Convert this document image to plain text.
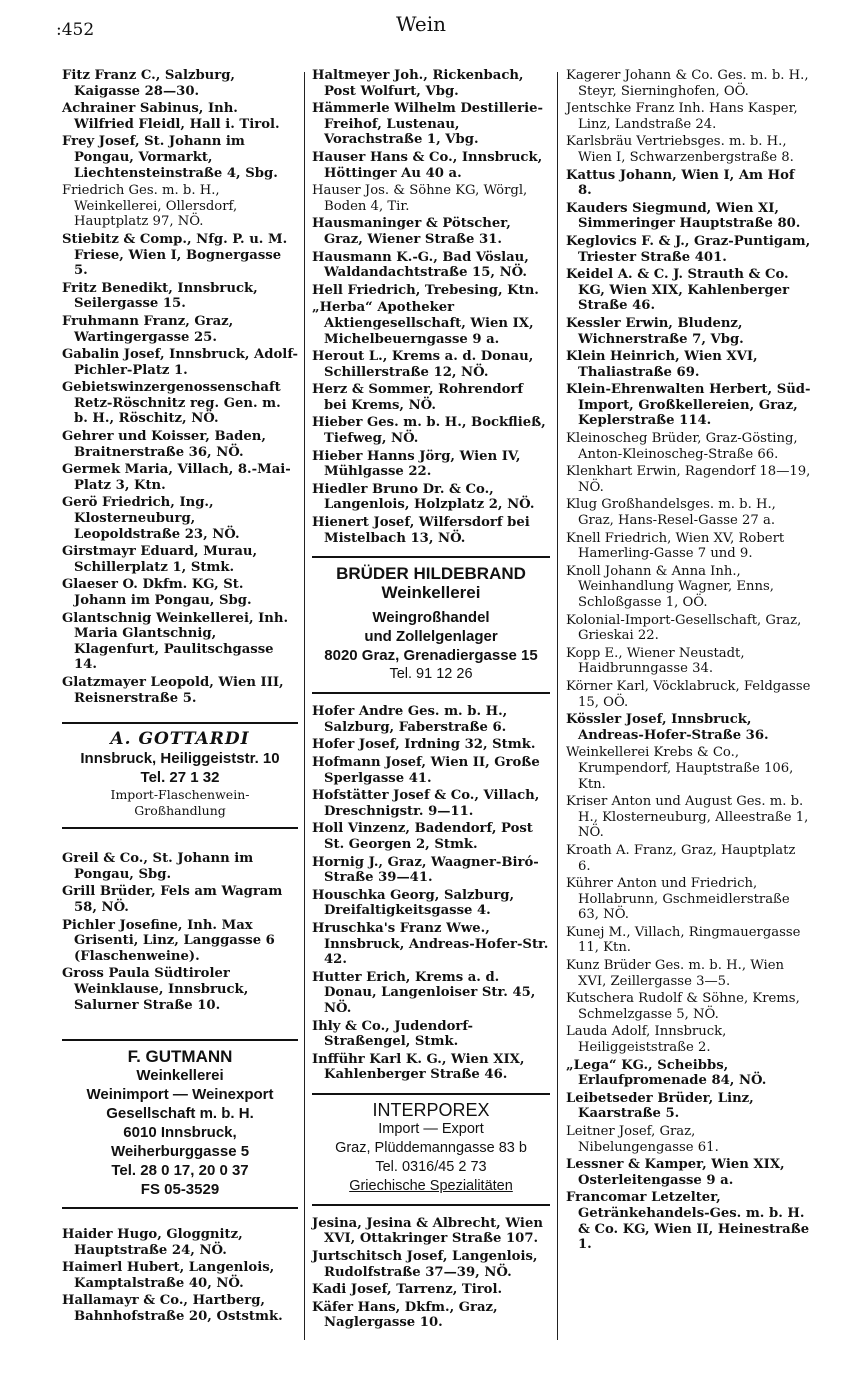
:452	Wein
Fitz Franz C., Salzburg, Kaigasse 28—30.
Achrainer Sabinus, Inh. Wilfried Fleidl, Hall i. Tirol.
Frey Josef, St. Johann im Pongau, Vormarkt, Liechtensteinstraße 4, Sbg.
Friedrich Ges. m. b. H., Weinkellerei, Ollersdorf, Hauptplatz 97, NÖ.
Stiebitz & Comp., Nfg. P. u. M. Friese, Wien I, Bognergasse 5.
Fritz Benedikt, Innsbruck, Seilergasse 15.
Fruhmann Franz, Graz, Wartingergasse 25.
Gabalin Josef, Innsbruck, Adolf-Pichler-Platz 1.
Gebietswinzergenossenschaft Retz-Röschnitz reg. Gen. m. b. H., Röschitz, NÖ.
Gehrer und Koisser, Baden, Braitnerstraße 36, NÖ.
Germek Maria, Villach, 8.-Mai-Platz 3, Ktn.
Gerö Friedrich, Ing., Klosterneuburg, Leopoldstraße 23, NÖ.
Girstmayr Eduard, Murau, Schillerplatz 1, Stmk.
Glaeser O. Dkfm. KG, St. Johann im Pongau, Sbg.
Glantschnig Weinkellerei, Inh. Maria Glantschnig, Klagenfurt, Paulitschgasse 14.
Glatzmayer Leopold, Wien III, Reisnerstraße 5.
A. GOTTARDI
Innsbruck, Heiliggeiststr. 10
Tel. 27 1 32
Import-Flaschenwein-
Großhandlung
Greil & Co., St. Johann im Pongau, Sbg.
Grill Brüder, Fels am Wagram 58, NÖ.
Pichler Josefine, Inh. Max Grisenti, Linz, Langgasse 6 (Flaschenweine).
Gross Paula Südtiroler Weinklause, Innsbruck, Salurner Straße 10.
F. GUTMANN
Weinkellerei
Weinimport — Weinexport
Gesellschaft m. b. H.
6010 Innsbruck,
Weiherburggasse 5
Tel. 28 0 17, 20 0 37
FS 05-3529
Haider Hugo, Gloggnitz, Hauptstraße 24, NÖ.
Haimerl Hubert, Langenlois, Kamptalstraße 40, NÖ.
Hallamayr & Co., Hartberg, Bahnhofstraße 20, Oststmk.
Haltmeyer Joh., Rickenbach, Post Wolfurt, Vbg.
Hämmerle Wilhelm Destillerie-Freihof, Lustenau, Vorachstraße 1, Vbg.
Hauser Hans & Co., Innsbruck, Höttinger Au 40 a.
Hauser Jos. & Söhne KG, Wörgl, Boden 4, Tir.
Hausmaninger & Pötscher, Graz, Wiener Straße 31.
Hausmann K.-G., Bad Vöslau, Waldandachtstraße 15, NÖ.
Hell Friedrich, Trebesing, Ktn.
„Herba“ Apotheker Aktiengesellschaft, Wien IX, Michelbeuerngasse 9 a.
Herout L., Krems a. d. Donau, Schillerstraße 12, NÖ.
Herz & Sommer, Rohrendorf bei Krems, NÖ.
Hieber Ges. m. b. H., Bockfließ, Tiefweg, NÖ.
Hieber Hanns Jörg, Wien IV, Mühlgasse 22.
Hiedler Bruno Dr. & Co., Langenlois, Holzplatz 2, NÖ.
Hienert Josef, Wilfersdorf bei Mistelbach 13, NÖ.
BRÜDER HILDEBRAND
Weinkellerei
Weingroßhandel
und Zollelgenlager
8020 Graz, Grenadiergasse 15
Tel. 91 12 26
Hofer Andre Ges. m. b. H., Salzburg, Faberstraße 6.
Hofer Josef, Irdning 32, Stmk.
Hofmann Josef, Wien II, Große Sperlgasse 41.
Hofstätter Josef & Co., Villach, Dreschnigstr. 9—11.
Holl Vinzenz, Badendorf, Post St. Georgen 2, Stmk.
Hornig J., Graz, Waagner-Biró-Straße 39—41.
Houschka Georg, Salzburg, Dreifaltigkeitsgasse 4.
Hruschka's Franz Wwe., Innsbruck, Andreas-Hofer-Str. 42.
Hutter Erich, Krems a. d. Donau, Langenloiser Str. 45, NÖ.
Ihly & Co., Judendorf-Straßengel, Stmk.
Infführ Karl K. G., Wien XIX, Kahlenberger Straße 46.
INTERPOREX
Import — Export
Graz, Plüddemanngasse 83 b
Tel. 0316/45 2 73
Griechische Spezialitäten
Jesina, Jesina & Albrecht, Wien XVI, Ottakringer Straße 107.
Jurtschitsch Josef, Langenlois, Rudolfstraße 37—39, NÖ.
Kadi Josef, Tarrenz, Tirol.
Käfer Hans, Dkfm., Graz, Naglergasse 10.
Kagerer Johann & Co. Ges. m. b. H., Steyr, Sierninghofen, OÖ.
Jentschke Franz Inh. Hans Kasper, Linz, Landstraße 24.
Karlsbräu Vertriebsges. m. b. H., Wien I, Schwarzenbergstraße 8.
Kattus Johann, Wien I, Am Hof 8.
Kauders Siegmund, Wien XI, Simmeringer Hauptstraße 80.
Keglovics F. & J., Graz-Puntigam, Triester Straße 401.
Keidel A. & C. J. Strauth & Co. KG, Wien XIX, Kahlenberger Straße 46.
Kessler Erwin, Bludenz, Wichnerstraße 7, Vbg.
Klein Heinrich, Wien XVI, Thaliastraße 69.
Klein-Ehrenwalten Herbert, Süd-Import, Großkellereien, Graz, Keplerstraße 114.
Kleinoscheg Brüder, Graz-Gösting, Anton-Kleinoscheg-Straße 66.
Klenkhart Erwin, Ragendorf 18—19, NÖ.
Klug Großhandelsges. m. b. H., Graz, Hans-Resel-Gasse 27 a.
Knell Friedrich, Wien XV, Robert Hamerling-Gasse 7 und 9.
Knoll Johann & Anna Inh., Weinhandlung Wagner, Enns, Schloßgasse 1, OÖ.
Kolonial-Import-Gesellschaft, Graz, Grieskai 22.
Kopp E., Wiener Neustadt, Haidbrunngasse 34.
Körner Karl, Vöcklabruck, Feldgasse 15, OÖ.
Kössler Josef, Innsbruck, Andreas-Hofer-Straße 36.
Weinkellerei Krebs & Co., Krumpendorf, Hauptstraße 106, Ktn.
Kriser Anton und August Ges. m. b. H., Klosterneuburg, Alleestraße 1, NÖ.
Kroath A. Franz, Graz, Hauptplatz 6.
Kührer Anton und Friedrich, Hollabrunn, Gschmeidlerstraße 63, NÖ.
Kunej M., Villach, Ringmauergasse 11, Ktn.
Kunz Brüder Ges. m. b. H., Wien XVI, Zeillergasse 3—5.
Kutschera Rudolf & Söhne, Krems, Schmelzgasse 5, NÖ.
Lauda Adolf, Innsbruck, Heiliggeiststraße 2.
„Lega“ KG., Scheibbs, Erlaufpromenade 84, NÖ.
Leibetseder Brüder, Linz, Kaarstraße 5.
Leitner Josef, Graz, Nibelungengasse 61.
Lessner & Kamper, Wien XIX, Osterleitengasse 9 a.
Francomar Letzelter, Getränkehandels-Ges. m. b. H. & Co. KG, Wien II, Heinestraße 1.
